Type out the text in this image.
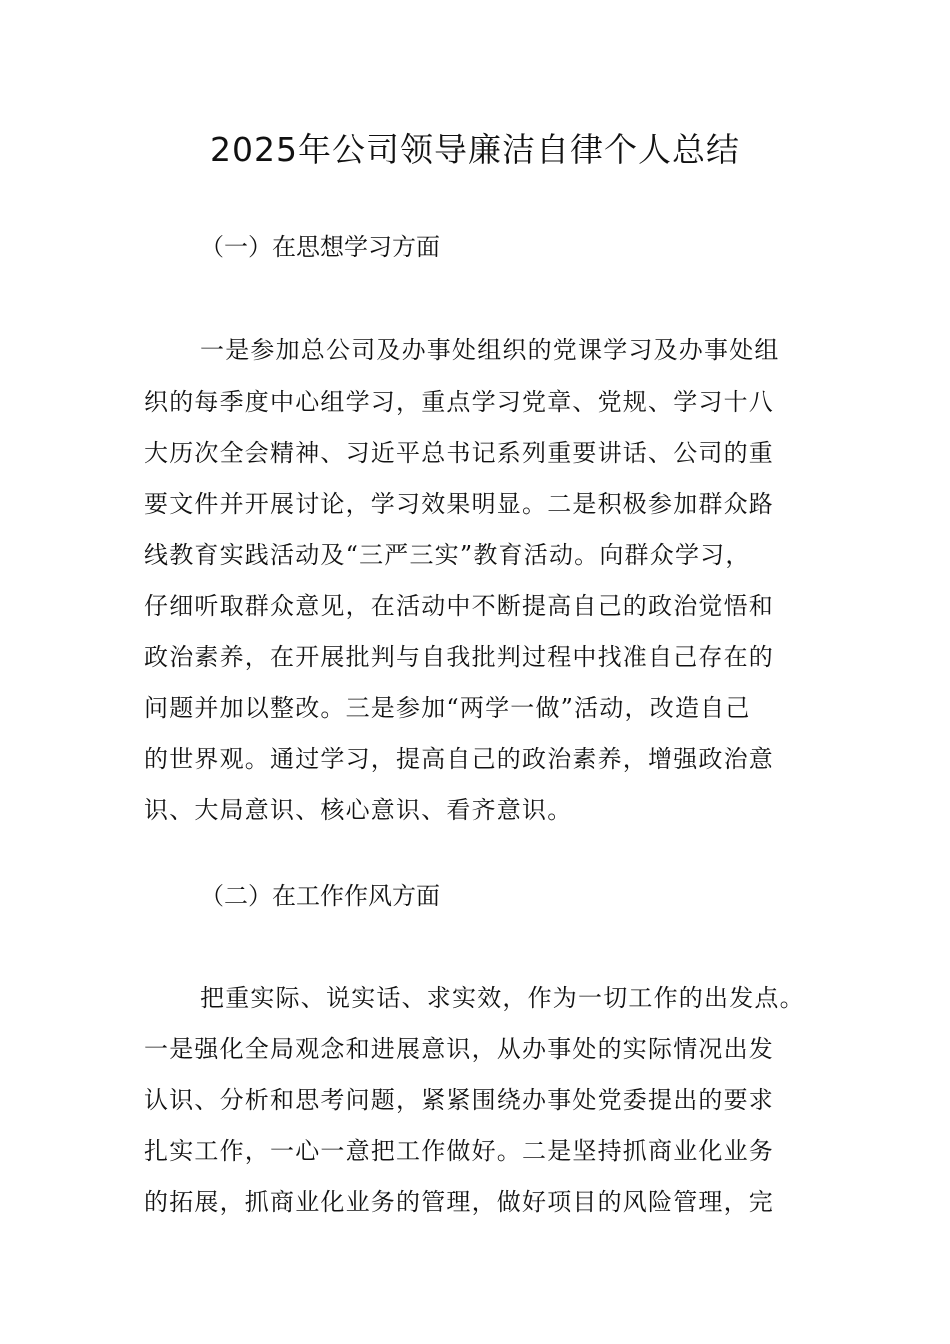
2025年公司领导廉洁自律个人总结
（一）在思想学习方面
一是参加总公司及办事处组织的党课学习及办事处组
织的每季度中心组学习，重点学习党章、党规、学习十八
大历次全会精神、习近平总书记系列重要讲话、公司的重
要文件并开展讨论，学习效果明显。二是积极参加群众路
线教育实践活动及“三严三实”教育活动。向群众学习，
仔细听取群众意见，在活动中不断提高自己的政治觉悟和
政治素养，在开展批判与自我批判过程中找准自己存在的
问题并加以整改。三是参加“两学一做”活动，改造自己
的世界观。通过学习，提高自己的政治素养，增强政治意
识、大局意识、核心意识、看齐意识。
（二）在工作作风方面
把重实际、说实话、求实效，作为一切工作的出发点。
一是强化全局观念和进展意识，从办事处的实际情况出发
认识、分析和思考问题，紧紧围绕办事处党委提出的要求
扎实工作，一心一意把工作做好。二是坚持抓商业化业务
的拓展，抓商业化业务的管理，做好项目的风险管理，完
